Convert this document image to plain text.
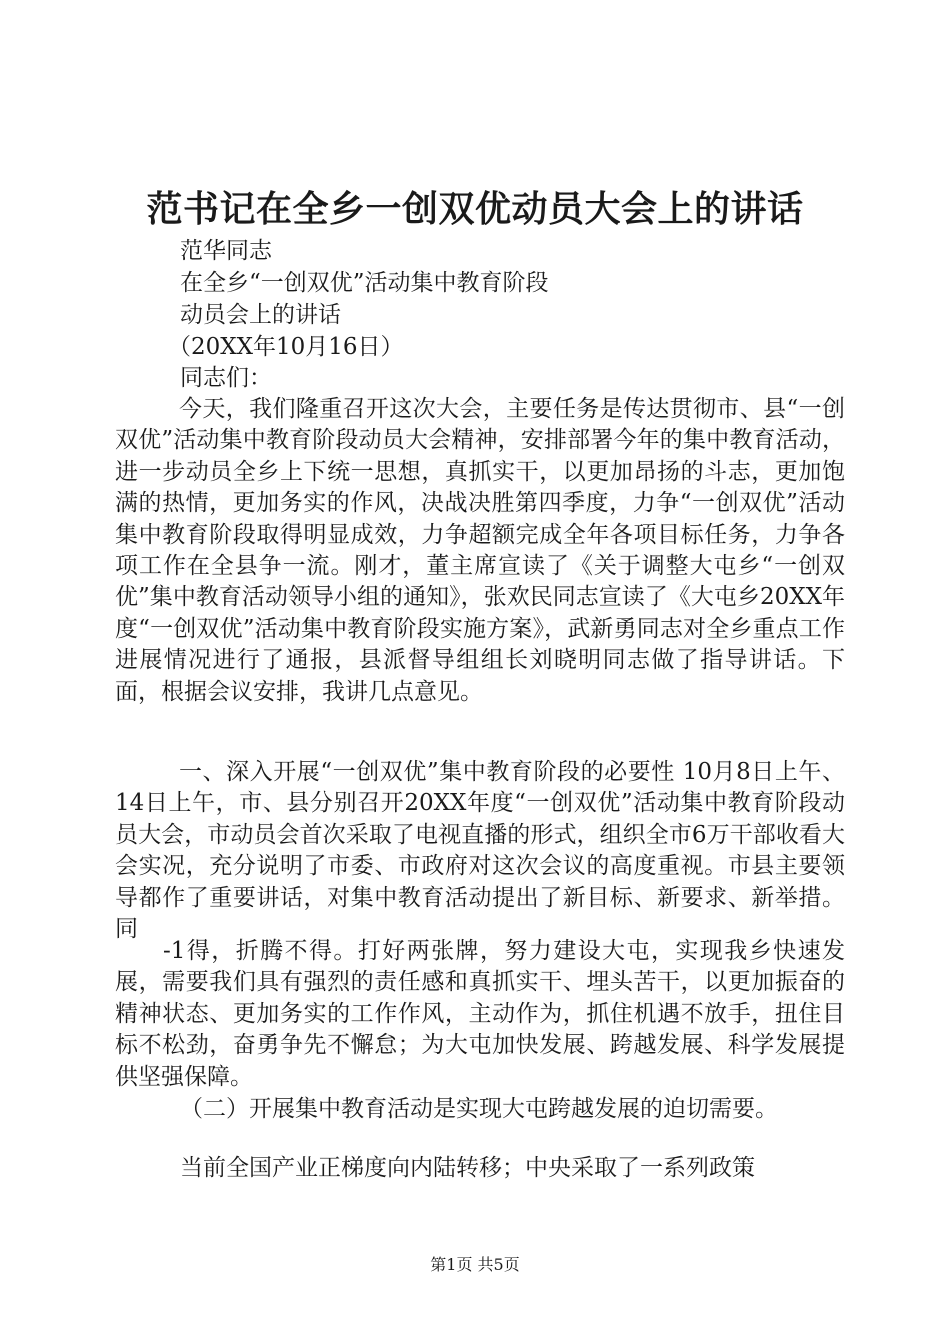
范书记在全乡一创双优动员大会上的讲话
范华同志
在全乡“一创双优”活动集中教育阶段
动员会上的讲话
（20XX年10月16日）
同志们：

今天，我们隆重召开这次大会，主要任务是传达贯彻市、县“一创双优”活动集中教育阶段动员大会精神，安排部署今年的集中教育活动，进一步动员全乡上下统一思想，真抓实干，以更加昂扬的斗志，更加饱满的热情，更加务实的作风，决战决胜第四季度，力争“一创双优”活动集中教育阶段取得明显成效，力争超额完成全年各项目标任务，力争各项工作在全县争一流。刚才，董主席宣读了《关于调整大屯乡“一创双优”集中教育活动领导小组的通知》，张欢民同志宣读了《大屯乡20XX年度“一创双优”活动集中教育阶段实施方案》，武新勇同志对全乡重点工作进展情况进行了通报，县派督导组组长刘晓明同志做了指导讲话。下面，根据会议安排，我讲几点意见。

一、深入开展“一创双优”集中教育阶段的必要性 10月8日上午、14日上午，市、县分别召开20XX年度“一创双优”活动集中教育阶段动员大会，市动员会首次采取了电视直播的形式，组织全市6万干部收看大会实况，充分说明了市委、市政府对这次会议的高度重视。市县主要领导都作了重要讲话，对集中教育活动提出了新目标、新要求、新举措。同

-1得，折腾不得。打好两张牌，努力建设大屯，实现我乡快速发展，需要我们具有强烈的责任感和真抓实干、埋头苦干，以更加振奋的精神状态、更加务实的工作作风，主动作为，抓住机遇不放手，扭住目标不松劲，奋勇争先不懈怠；为大屯加快发展、跨越发展、科学发展提供坚强保障。

（二）开展集中教育活动是实现大屯跨越发展的迫切需要。
当前全国产业正梯度向内陆转移；中央采取了一系列政策
第1页 共5页
